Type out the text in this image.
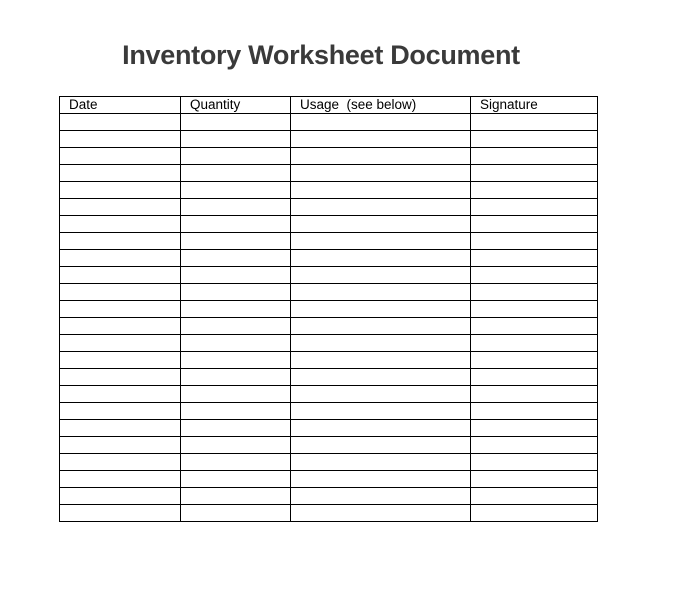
Inventory Worksheet Document
Date	Quantity	Usage  (see below)	Signature
